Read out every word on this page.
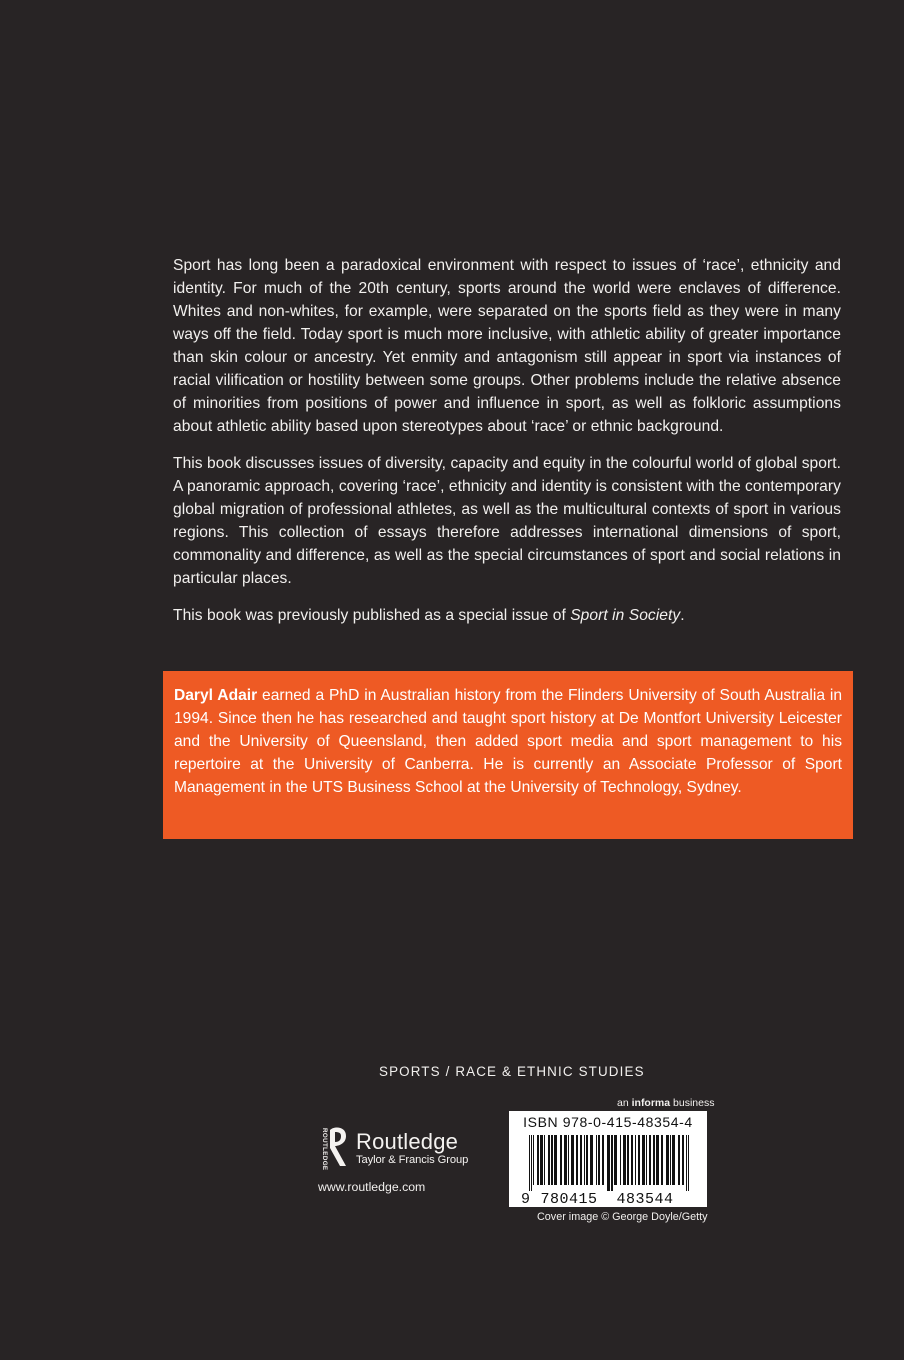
Sport has long been a paradoxical environment with respect to issues of ‘race’, ethnicity and identity. For much of the 20th century, sports around the world were enclaves of difference. Whites and non-whites, for example, were separated on the sports field as they were in many ways off the field. Today sport is much more inclusive, with athletic ability of greater importance than skin colour or ancestry. Yet enmity and antagonism still appear in sport via instances of racial vilification or hostility between some groups. Other problems include the relative absence of minorities from positions of power and influence in sport, as well as folkloric assumptions about athletic ability based upon stereotypes about ‘race’ or ethnic background.

This book discusses issues of diversity, capacity and equity in the colourful world of global sport. A panoramic approach, covering ‘race’, ethnicity and identity is consistent with the contemporary global migration of professional athletes, as well as the multicultural contexts of sport in various regions. This collection of essays therefore addresses international dimensions of sport, commonality and difference, as well as the special circumstances of sport and social relations in particular places.

This book was previously published as a special issue of Sport in Society.

Daryl Adair earned a PhD in Australian history from the Flinders University of South Australia in 1994. Since then he has researched and taught sport history at De Montfort University Leicester and the University of Queensland, then added sport media and sport management to his repertoire at the University of Canberra. He is currently an Associate Professor of Sport Management in the UTS Business School at the University of Technology, Sydney.
SPORTS / RACE & ETHNIC STUDIES
ROUTLEDGE Routledge
Taylor & Francis Group
www.routledge.com
an informa business
ISBN 978-0-415-48354-4
9 780415 483544
Cover image © George Doyle/Getty
